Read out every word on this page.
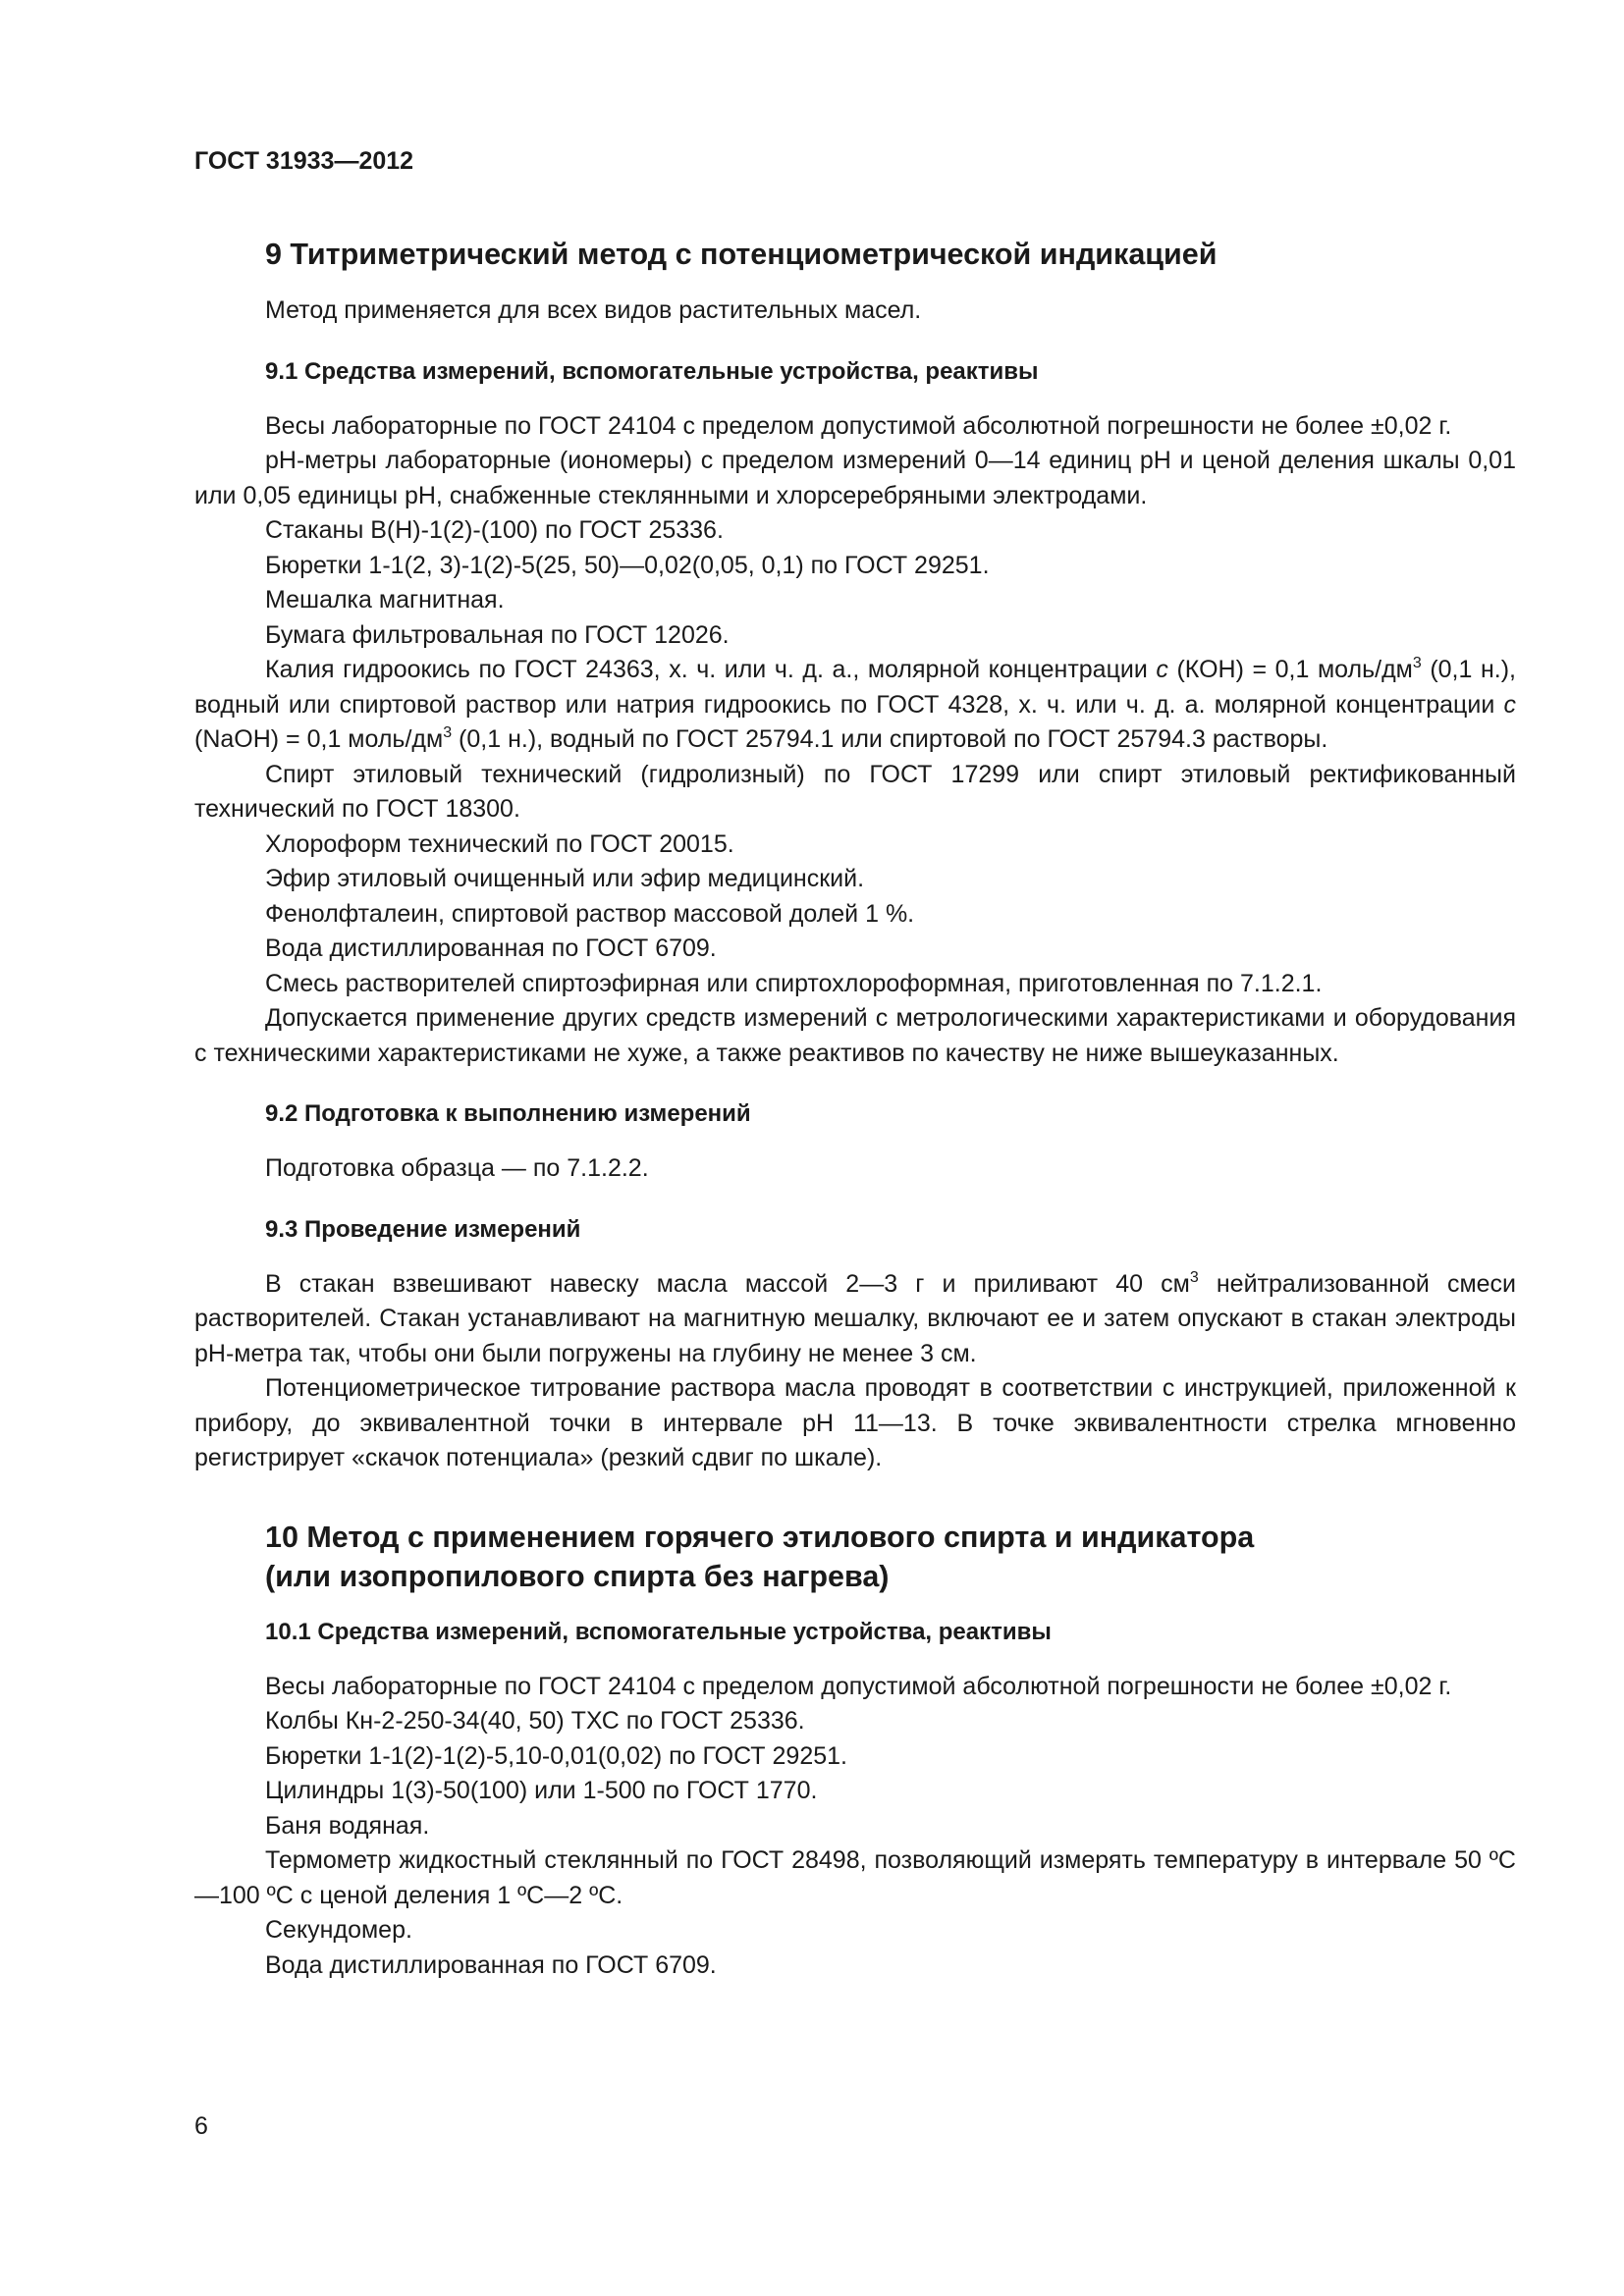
ГОСТ 31933—2012
9 Титриметрический метод с потенциометрической индикацией

Метод применяется для всех видов растительных масел.

9.1 Средства измерений, вспомогательные устройства, реактивы

Весы лабораторные по ГОСТ 24104 с пределом допустимой абсолютной погрешности не более ±0,02 г.

pH-метры лабораторные (иономеры) с пределом измерений 0—14 единиц pH и ценой деления шкалы 0,01 или 0,05 единицы pH, снабженные стеклянными и хлорсеребряными электродами.

Стаканы В(Н)-1(2)-(100) по ГОСТ 25336.

Бюретки 1-1(2, 3)-1(2)-5(25, 50)—0,02(0,05, 0,1) по ГОСТ 29251.

Мешалка магнитная.

Бумага фильтровальная по ГОСТ 12026.

Калия гидроокись по ГОСТ 24363, х. ч. или ч. д. а., молярной концентрации c (КОН) = 0,1 моль/$дм^3$ (0,1 н.), водный или спиртовой раствор или натрия гидроокись по ГОСТ 4328, х. ч. или ч. д. а. молярной концентрации c (NaOH) = 0,1 моль/$дм^3$ (0,1 н.), водный по ГОСТ 25794.1 или спиртовой по ГОСТ 25794.3 растворы.

Спирт этиловый технический (гидролизный) по ГОСТ 17299 или спирт этиловый ректификованный технический по ГОСТ 18300.

Хлороформ технический по ГОСТ 20015.

Эфир этиловый очищенный или эфир медицинский.

Фенолфталеин, спиртовой раствор массовой долей 1 %.

Вода дистиллированная по ГОСТ 6709.

Смесь растворителей спиртоэфирная или спиртохлороформная, приготовленная по 7.1.2.1.

Допускается применение других средств измерений с метрологическими характеристиками и оборудования с техническими характеристиками не хуже, а также реактивов по качеству не ниже вышеуказанных.

9.2 Подготовка к выполнению измерений

Подготовка образца — по 7.1.2.2.

9.3 Проведение измерений

В стакан взвешивают навеску масла массой 2—3 г и приливают 40 $см^3$ нейтрализованной смеси растворителей. Стакан устанавливают на магнитную мешалку, включают ее и затем опускают в стакан электроды pH-метра так, чтобы они были погружены на глубину не менее 3 см.

Потенциометрическое титрование раствора масла проводят в соответствии с инструкцией, приложенной к прибору, до эквивалентной точки в интервале pH 11—13. В точке эквивалентности стрелка мгновенно регистрирует «скачок потенциала» (резкий сдвиг по шкале).

10 Метод с применением горячего этилового спирта и индикатора
(или изопропилового спирта без нагрева)
10.1 Средства измерений, вспомогательные устройства, реактивы

Весы лабораторные по ГОСТ 24104 с пределом допустимой абсолютной погрешности не более ±0,02 г.

Колбы Кн-2-250-34(40, 50) ТХС по ГОСТ 25336.

Бюретки 1-1(2)-1(2)-5,10-0,01(0,02) по ГОСТ 29251.

Цилиндры 1(3)-50(100) или 1-500 по ГОСТ 1770.

Баня водяная.

Термометр жидкостный стеклянный по ГОСТ 28498, позволяющий измерять температуру в интервале 50 ºС—100 ºС с ценой деления 1 ºС—2 ºС.

Секундомер.

Вода дистиллированная по ГОСТ 6709.

6
